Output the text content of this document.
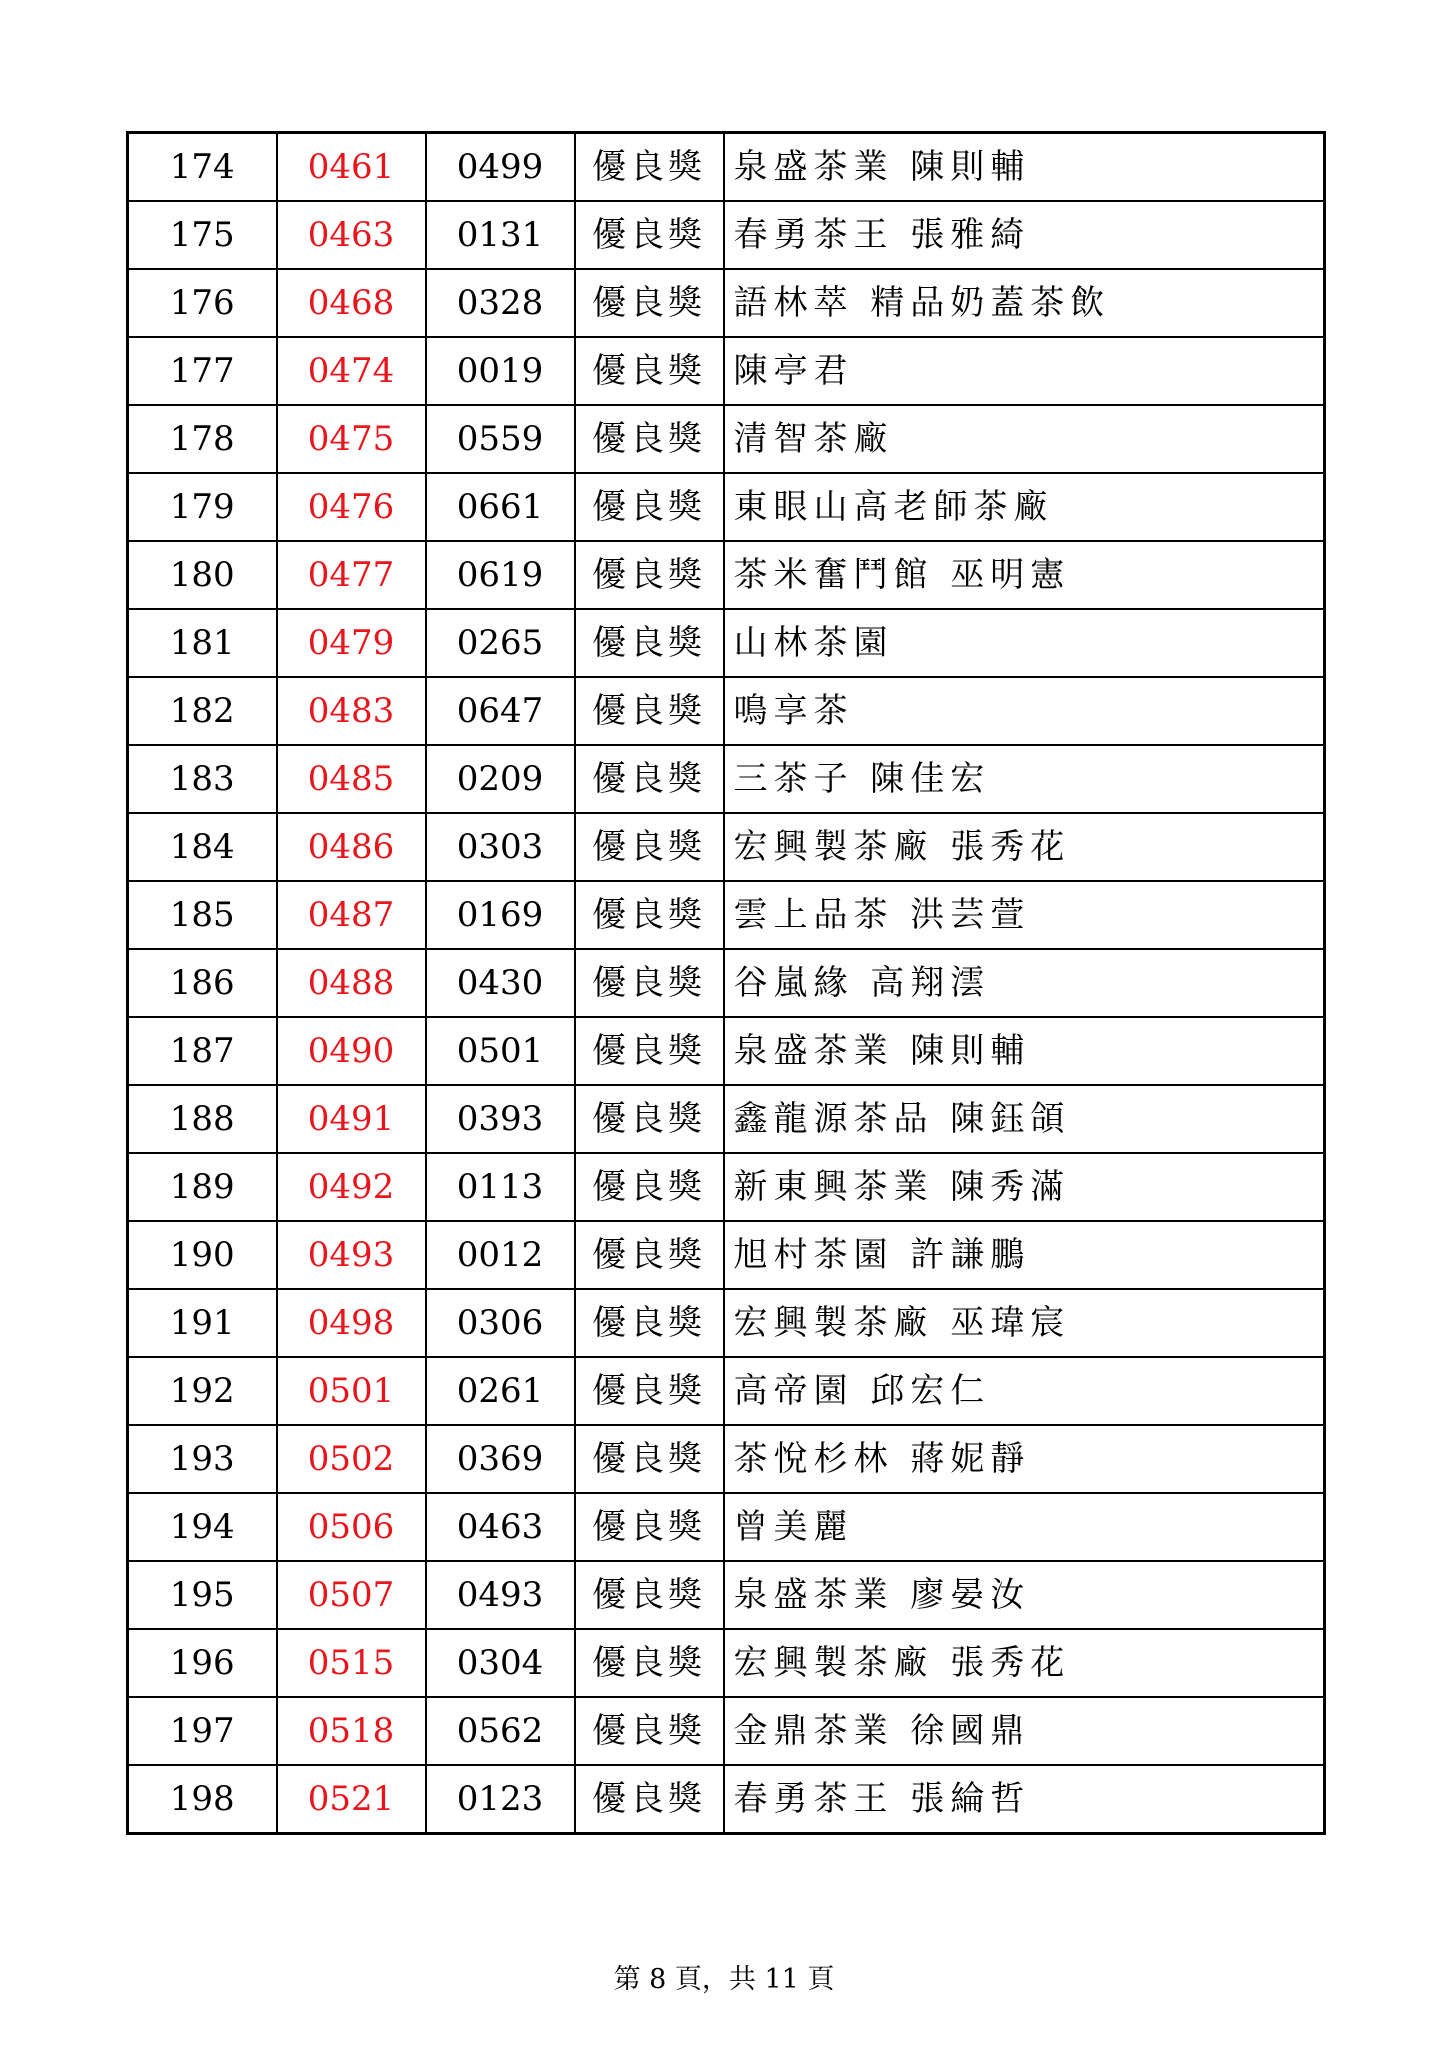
174	0461	0499	優良獎	泉盛茶業 陳則輔
175	0463	0131	優良獎	春勇茶王 張雅綺
176	0468	0328	優良獎	語林萃 精品奶蓋茶飲
177	0474	0019	優良獎	陳亭君
178	0475	0559	優良獎	清智茶廠
179	0476	0661	優良獎	東眼山高老師茶廠
180	0477	0619	優良獎	茶米奮鬥館 巫明憲
181	0479	0265	優良獎	山林茶園
182	0483	0647	優良獎	鳴享茶
183	0485	0209	優良獎	三茶子 陳佳宏
184	0486	0303	優良獎	宏興製茶廠 張秀花
185	0487	0169	優良獎	雲上品茶 洪芸萱
186	0488	0430	優良獎	谷嵐緣 高翔澐
187	0490	0501	優良獎	泉盛茶業 陳則輔
188	0491	0393	優良獎	鑫龍源茶品 陳鈺頜
189	0492	0113	優良獎	新東興茶業 陳秀滿
190	0493	0012	優良獎	旭村茶園 許謙鵬
191	0498	0306	優良獎	宏興製茶廠 巫瑋宸
192	0501	0261	優良獎	高帝園 邱宏仁
193	0502	0369	優良獎	茶悅杉林 蔣妮靜
194	0506	0463	優良獎	曾美麗
195	0507	0493	優良獎	泉盛茶業 廖晏汝
196	0515	0304	優良獎	宏興製茶廠 張秀花
197	0518	0562	優良獎	金鼎茶業 徐國鼎
198	0521	0123	優良獎	春勇茶王 張綸哲
第 8 頁，共 11 頁
